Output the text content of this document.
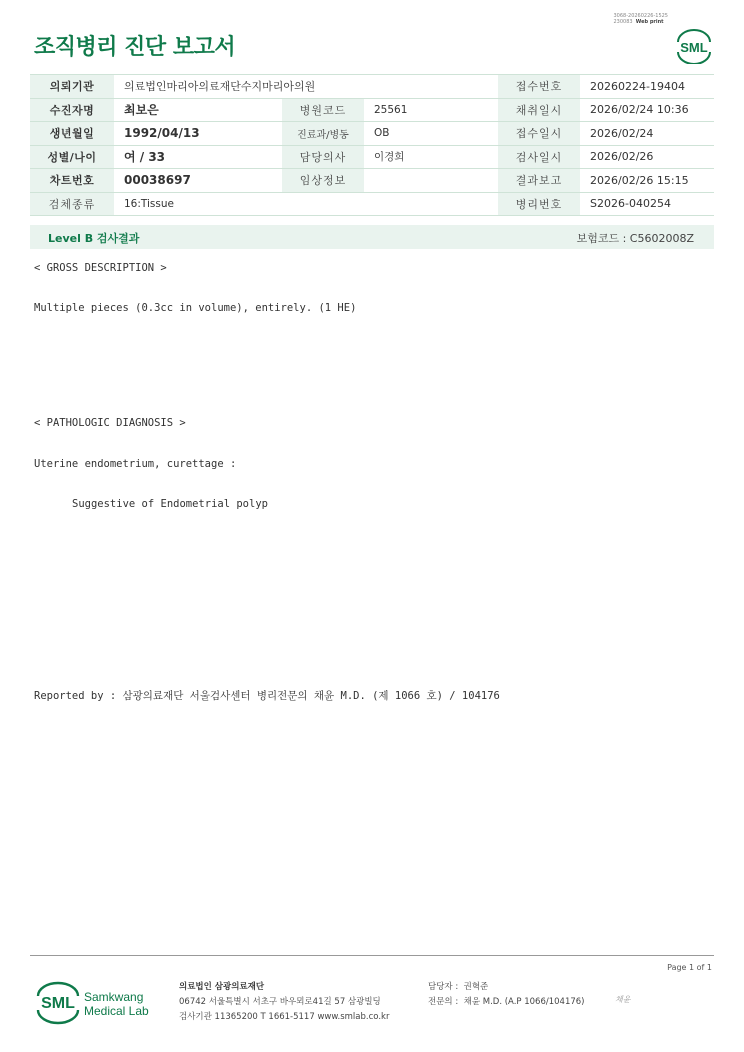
조직병리 진단 보고서
3068-20260226-1525
230083 Web print
SML
의뢰기관	의료법인마리아의료재단수지마리아의원			접수번호	20260224-19404
수진자명	최보은	병원코드	25561	채취일시	2026/02/24 10:36
생년월일	1992/04/13	진료과/병동	OB	접수일시	2026/02/24
성별/나이	여 / 33	담당의사	이경희	검사일시	2026/02/26
차트번호	00038697	임상정보		결과보고	2026/02/26 15:15
검체종류	16:Tissue			병리번호	S2026-040254
Level B 검사결과	보험코드 : C5602008Z
< GROSS DESCRIPTION >
Multiple pieces (0.3cc in volume), entirely. (1 HE)
< PATHOLOGIC DIAGNOSIS >
Uterine endometrium, curettage :
Suggestive of Endometrial polyp
Reported by : 삼광의료재단 서울검사센터 병리전문의 채윤 M.D. (제 1066 호) / 104176
Page 1 of 1
SML Samkwang
Medical Lab
의료법인 삼광의료재단
06742 서울특별시 서초구 바우뫼로41길 57 삼광빌딩
검사기관 11365200 T 1661-5117 www.smlab.co.kr
담당자 : 권혁준
전문의 : 채윤 M.D. (A.P 1066/104176)	채윤
